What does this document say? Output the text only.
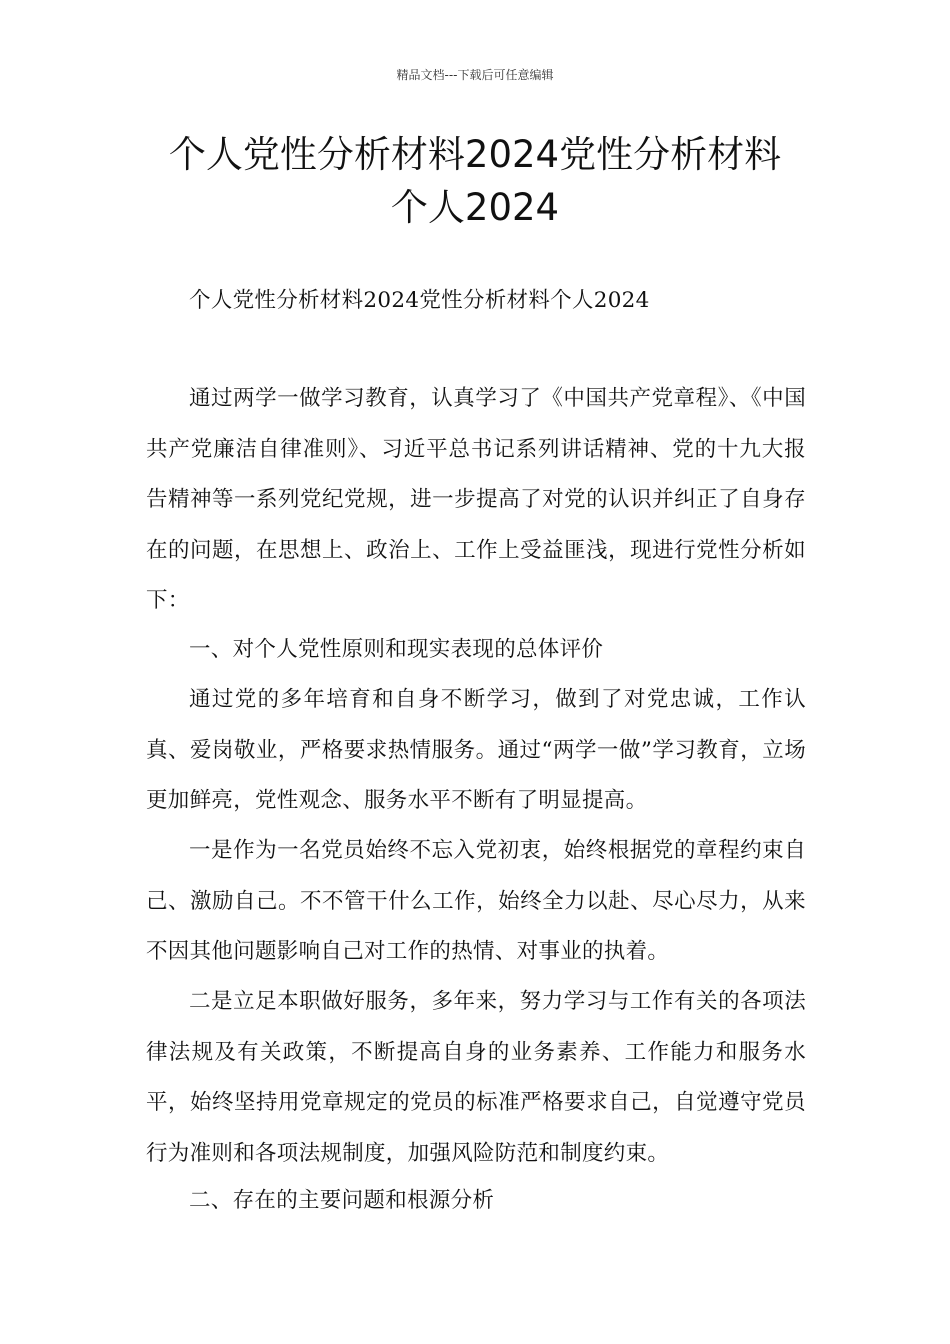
精品文档---下载后可任意编辑
个人党性分析材料2024党性分析材料
个人2024

个人党性分析材料2024党性分析材料个人2024

通过两学一做学习教育，认真学习了《中国共产党章程》、《中国共产党廉洁自律准则》、习近平总书记系列讲话精神、党的十九大报告精神等一系列党纪党规，进一步提高了对党的认识并纠正了自身存在的问题，在思想上、政治上、工作上受益匪浅，现进行党性分析如下：

一、对个人党性原则和现实表现的总体评价

通过党的多年培育和自身不断学习，做到了对党忠诚，工作认真、爱岗敬业，严格要求热情服务。通过“两学一做”学习教育，立场更加鲜亮，党性观念、服务水平不断有了明显提高。

一是作为一名党员始终不忘入党初衷，始终根据党的章程约束自己、激励自己。不不管干什么工作，始终全力以赴、尽心尽力，从来不因其他问题影响自己对工作的热情、对事业的执着。

二是立足本职做好服务，多年来，努力学习与工作有关的各项法律法规及有关政策，不断提高自身的业务素养、工作能力和服务水平，始终坚持用党章规定的党员的标准严格要求自己，自觉遵守党员行为准则和各项法规制度，加强风险防范和制度约束。

二、存在的主要问题和根源分析
